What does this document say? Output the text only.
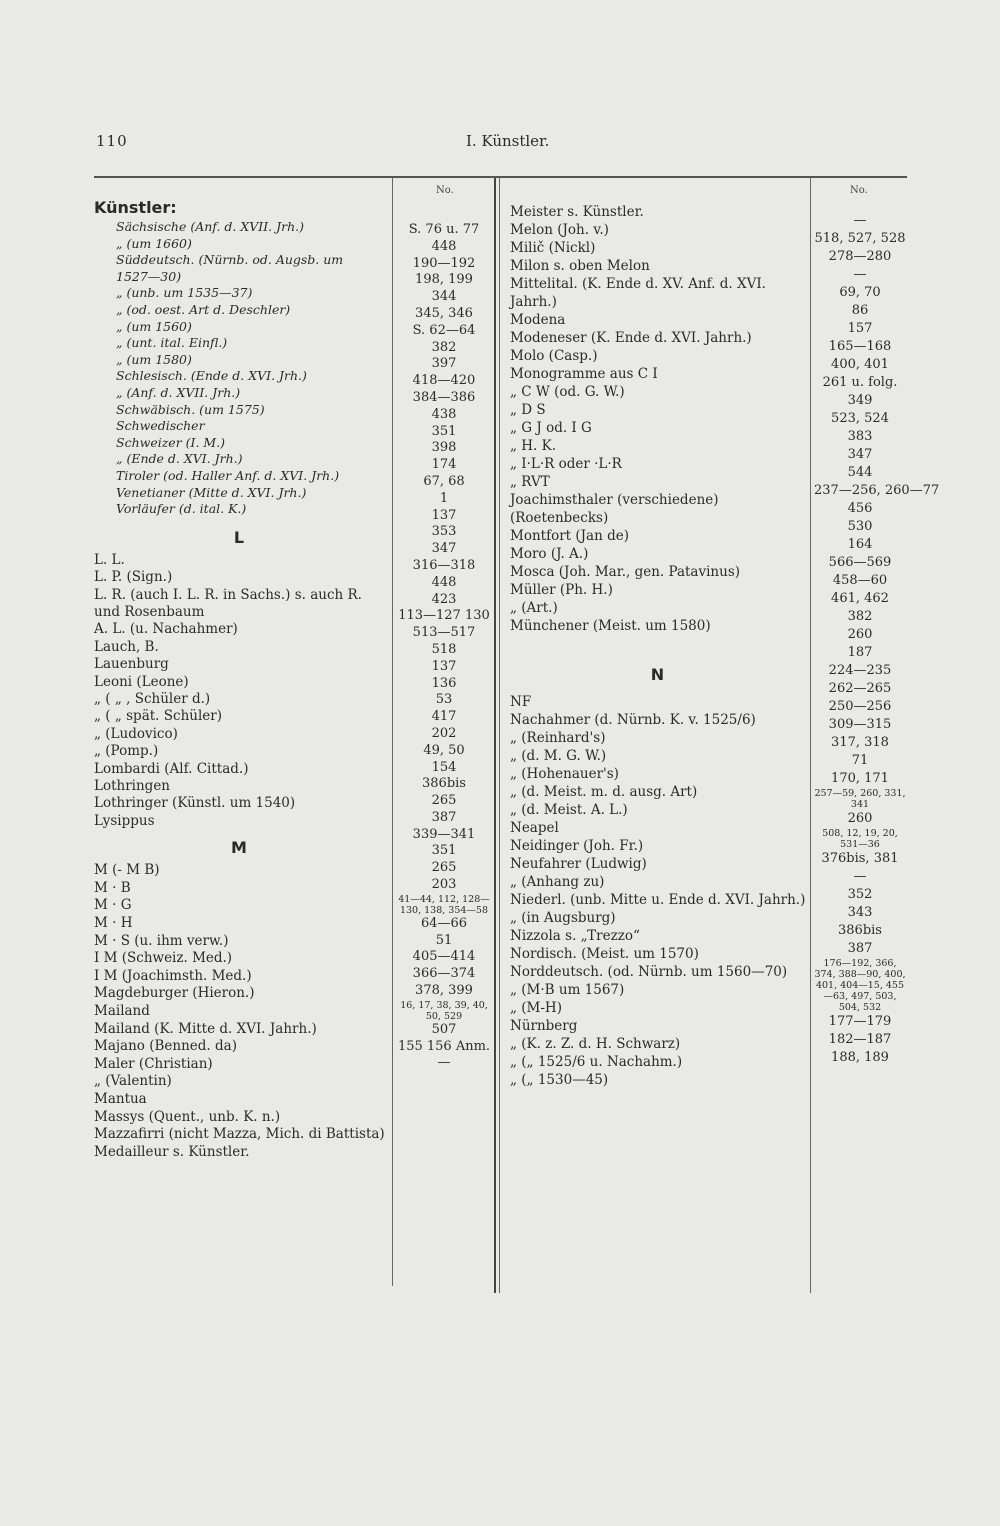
110	I. Künstler.
No.	No.
Künstler:
Sächsische (Anf. d. XVII. Jrh.)
„ (um 1660)
Süddeutsch. (Nürnb. od. Augsb. um
1527—30)
„ (unb. um 1535—37)
„ (od. oest. Art d. Deschler)
„ (um 1560)
„ (unt. ital. Einfl.)
„ (um 1580)
Schlesisch. (Ende d. XVI. Jrh.)
„ (Anf. d. XVII. Jrh.)
Schwäbisch. (um 1575)
Schwedischer
Schweizer (I. M.)
„ (Ende d. XVI. Jrh.)
Tiroler (od. Haller Anf. d. XVI. Jrh.)
Venetianer (Mitte d. XVI. Jrh.)
Vorläufer (d. ital. K.)
L
L. L.
L. P. (Sign.)
L. R. (auch I. L. R. in Sachs.) s. auch R.
und Rosenbaum
A. L. (u. Nachahmer)
Lauch, B.
Lauenburg
Leoni (Leone)
„ ( „ , Schüler d.)
„ ( „ spät. Schüler)
„ (Ludovico)
„ (Pomp.)
Lombardi (Alf. Cittad.)
Lothringen
Lothringer (Künstl. um 1540)
Lysippus
M
M (- M B)
M · B
M · G
M · H
M · S (u. ihm verw.)
I M (Schweiz. Med.)
I M (Joachimsth. Med.)
Magdeburger (Hieron.)
Mailand
Mailand (K. Mitte d. XVI. Jahrh.)
Majano (Benned. da)
Maler (Christian)
„ (Valentin)
Mantua
Massys (Quent., unb. K. n.)
Mazzafirri (nicht Mazza, Mich. di Battista)
Medailleur s. Künstler.
S. 76 u. 77
448
190—192
198, 199
344
345, 346
S. 62—64
382
397
418—420
384—386
438
351
398
174
67, 68
1
137
353
347
316—318
448
423
113—127 130
513—517
518
137
136
53
417
202
49, 50
154
386bis
265
387
339—341
351
265
203
41—44, 112, 128—130, 138, 354—58
64—66
51
405—414
366—374
378, 399
16, 17, 38, 39, 40, 50, 529
507
155 156 Anm.
—
Meister s. Künstler.
Melon (Joh. v.)
Milič (Nickl)
Milon s. oben Melon
Mittelital. (K. Ende d. XV. Anf. d. XVI.
Jahrh.)
Modena
Modeneser (K. Ende d. XVI. Jahrh.)
Molo (Casp.)
Monogramme aus C I
„ C W (od. G. W.)
„ D S
„ G J od. I G
„ H. K.
„ I·L·R oder ·L·R
„ RVT
Joachimsthaler (verschiedene)
(Roetenbecks)
Montfort (Jan de)
Moro (J. A.)
Mosca (Joh. Mar., gen. Patavinus)
Müller (Ph. H.)
„ (Art.)
Münchener (Meist. um 1580)
N
NF
Nachahmer (d. Nürnb. K. v. 1525/6)
„ (Reinhard's)
„ (d. M. G. W.)
„ (Hohenauer's)
„ (d. Meist. m. d. ausg. Art)
„ (d. Meist. A. L.)
Neapel
Neidinger (Joh. Fr.)
Neufahrer (Ludwig)
„ (Anhang zu)
Niederl. (unb. Mitte u. Ende d. XVI. Jahrh.)
„ (in Augsburg)
Nizzola s. „Trezzo“
Nordisch. (Meist. um 1570)
Norddeutsch. (od. Nürnb. um 1560—70)
„ (M·B um 1567)
„ (M-H)
Nürnberg
„ (K. z. Z. d. H. Schwarz)
„ („ 1525/6 u. Nachahm.)
„ („ 1530—45)
—
518, 527, 528
278—280
—
69, 70
86
157
165—168
400, 401
261 u. folg.
349
523, 524
383
347
544
237—256, 260—77
456
530
164
566—569
458—60
461, 462
382
260
187
224—235
262—265
250—256
309—315
317, 318
71
170, 171
257—59, 260, 331, 341
260
508, 12, 19, 20, 531—36
376bis, 381
—
352
343
386bis
387
176—192, 366, 374, 388—90, 400, 401, 404—15, 455—63, 497, 503, 504, 532
177—179
182—187
188, 189
